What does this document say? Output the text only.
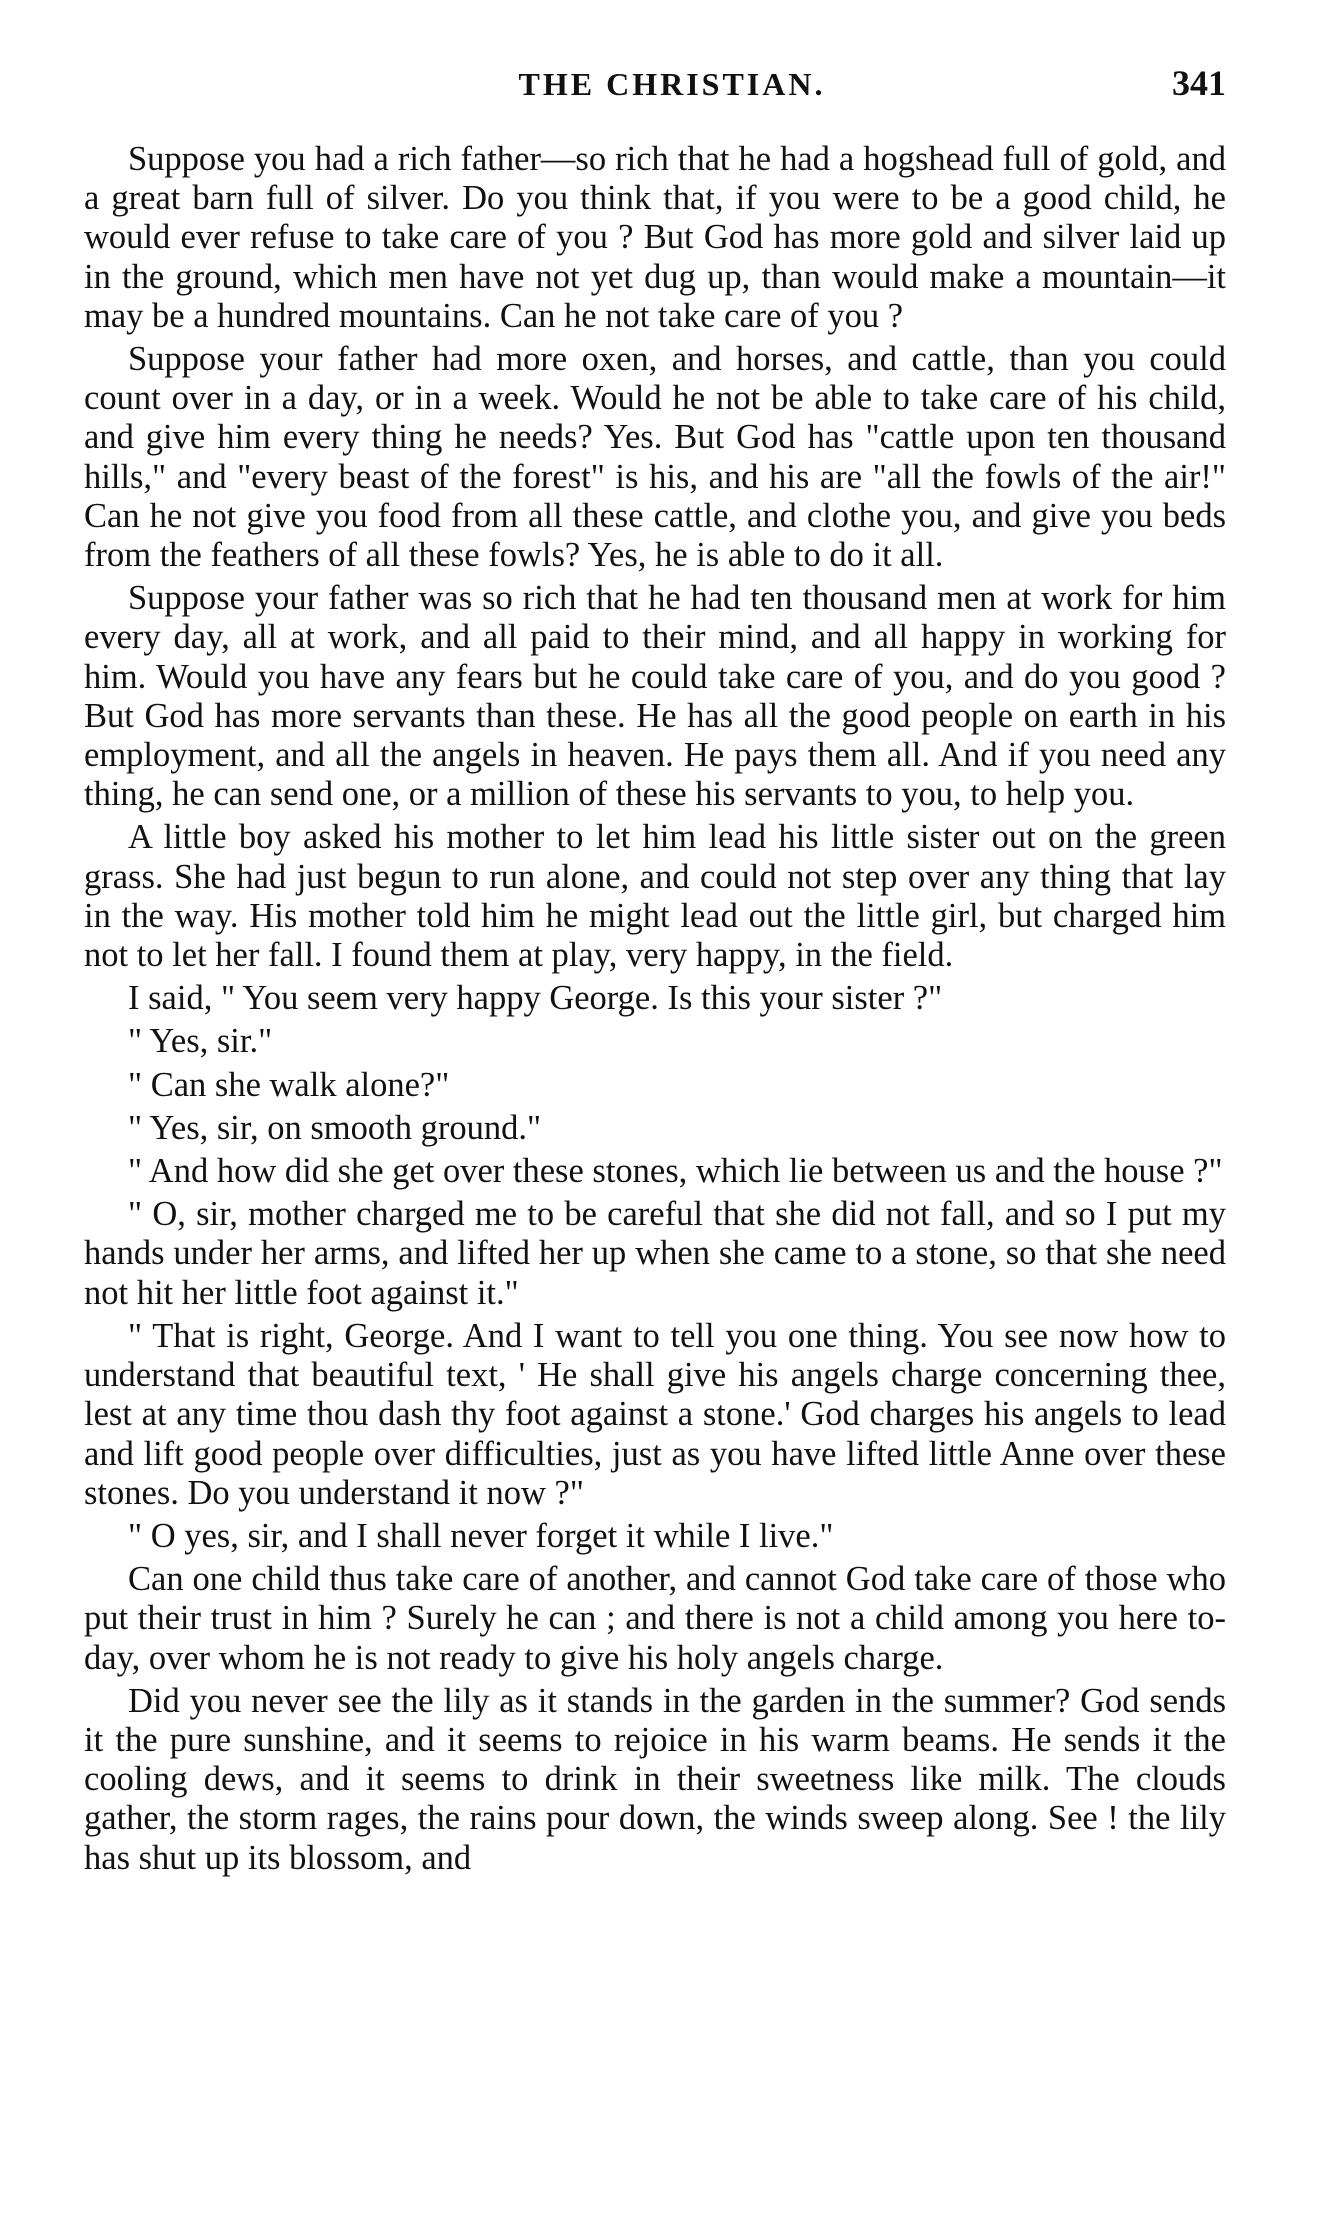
THE CHRISTIAN.	341

Suppose you had a rich father—so rich that he had a hogshead full of gold, and a great barn full of silver. Do you think that, if you were to be a good child, he would ever refuse to take care of you ? But God has more gold and silver laid up in the ground, which men have not yet dug up, than would make a mountain—it may be a hundred mountains. Can he not take care of you ?

Suppose your father had more oxen, and horses, and cattle, than you could count over in a day, or in a week. Would he not be able to take care of his child, and give him every thing he needs? Yes. But God has "cattle upon ten thousand hills," and "every beast of the forest" is his, and his are "all the fowls of the air!" Can he not give you food from all these cattle, and clothe you, and give you beds from the feathers of all these fowls? Yes, he is able to do it all.

Suppose your father was so rich that he had ten thousand men at work for him every day, all at work, and all paid to their mind, and all happy in working for him. Would you have any fears but he could take care of you, and do you good ? But God has more servants than these. He has all the good people on earth in his employment, and all the angels in heaven. He pays them all. And if you need any thing, he can send one, or a million of these his servants to you, to help you.

A little boy asked his mother to let him lead his little sister out on the green grass. She had just begun to run alone, and could not step over any thing that lay in the way. His mother told him he might lead out the little girl, but charged him not to let her fall. I found them at play, very happy, in the field.

I said, " You seem very happy George. Is this your sister ?"

" Yes, sir."

" Can she walk alone?"

" Yes, sir, on smooth ground."

" And how did she get over these stones, which lie between us and the house ?"

" O, sir, mother charged me to be careful that she did not fall, and so I put my hands under her arms, and lifted her up when she came to a stone, so that she need not hit her little foot against it."

" That is right, George. And I want to tell you one thing. You see now how to understand that beautiful text, ' He shall give his angels charge concerning thee, lest at any time thou dash thy foot against a stone.' God charges his angels to lead and lift good people over difficulties, just as you have lifted little Anne over these stones. Do you understand it now ?"

" O yes, sir, and I shall never forget it while I live."

Can one child thus take care of another, and cannot God take care of those who put their trust in him ? Surely he can ; and there is not a child among you here to-day, over whom he is not ready to give his holy angels charge.

Did you never see the lily as it stands in the garden in the summer? God sends it the pure sunshine, and it seems to rejoice in his warm beams. He sends it the cooling dews, and it seems to drink in their sweetness like milk. The clouds gather, the storm rages, the rains pour down, the winds sweep along. See ! the lily has shut up its blossom, and
